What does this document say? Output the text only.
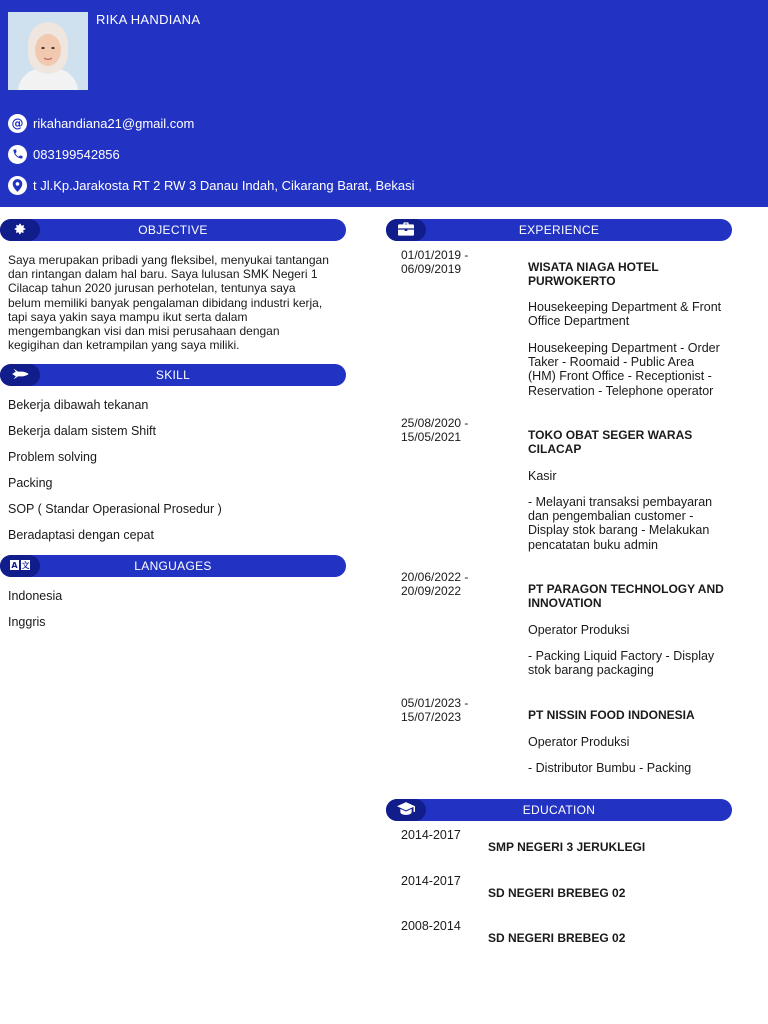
RIKA HANDIANA
@ rikahandiana21@gmail.com
083199542856
t Jl.Kp.Jarakosta RT 2 RW 3 Danau Indah, Cikarang Barat, Bekasi
OBJECTIVE
Saya merupakan pribadi yang fleksibel, menyukai tantangan
dan rintangan dalam hal baru. Saya lulusan SMK Negeri 1
Cilacap tahun 2020 jurusan perhotelan, tentunya saya
belum memiliki banyak pengalaman dibidang industri kerja,
tapi saya yakin saya mampu ikut serta dalam
mengembangkan visi dan misi perusahaan dengan
kegigihan dan ketrampilan yang saya miliki.
SKILL
Bekerja dibawah tekanan
Bekerja dalam sistem Shift
Problem solving
Packing
SOP ( Standar Operasional Prosedur )
Beradaptasi dengan cepat
A 文	LANGUAGES
Indonesia
Inggris
EXPERIENCE
01/01/2019 -
06/09/2019	WISATA NIAGA HOTEL
PURWOKERTO
Housekeeping Department & Front
Office Department
Housekeeping Department - Order
Taker - Roomaid - Public Area
(HM) Front Office - Receptionist -
Reservation - Telephone operator
25/08/2020 -
15/05/2021	TOKO OBAT SEGER WARAS
CILACAP
Kasir
- Melayani transaksi pembayaran
dan pengembalian customer -
Display stok barang - Melakukan
pencatatan buku admin
20/06/2022 -
20/09/2022	PT PARAGON TECHNOLOGY AND
INNOVATION
Operator Produksi
- Packing Liquid Factory - Display
stok barang packaging
05/01/2023 -
15/07/2023	PT NISSIN FOOD INDONESIA
Operator Produksi
- Distributor Bumbu - Packing
EDUCATION
2014-2017
SMP NEGERI 3 JERUKLEGI
2014-2017
SD NEGERI BREBEG 02
2008-2014
SD NEGERI BREBEG 02
